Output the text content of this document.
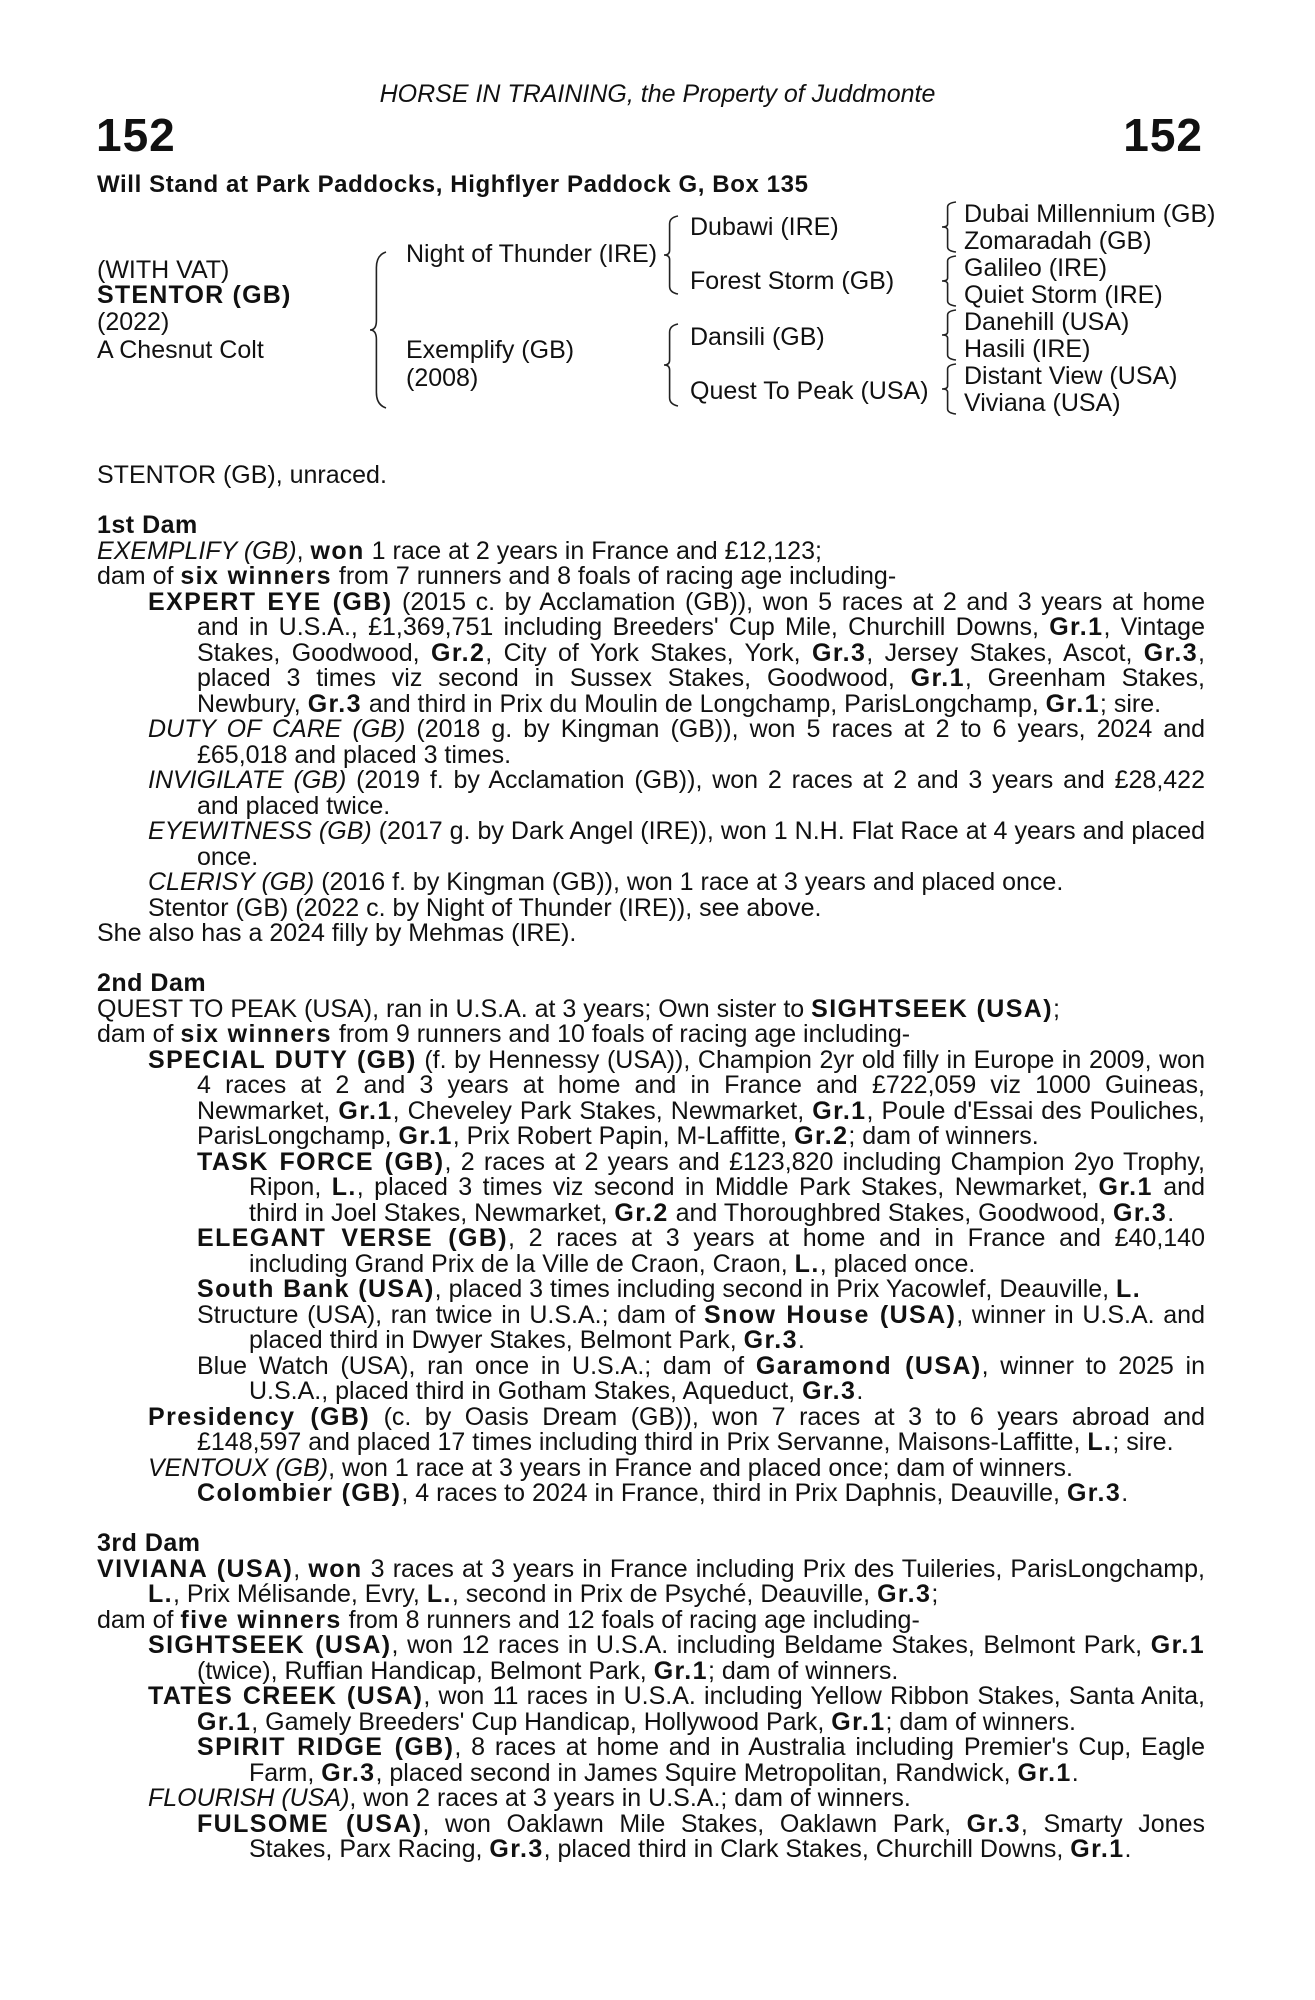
HORSE IN TRAINING, the Property of Juddmonte
152	152
Will Stand at Park Paddocks, Highflyer Paddock G, Box 135
(WITH VAT)
STENTOR (GB)
(2022)
A Chesnut Colt
Night of Thunder (IRE)
Exemplify (GB)
(2008)
Dubawi (IRE)
Forest Storm (GB)
Dansili (GB)
Quest To Peak (USA)
Dubai Millennium (GB)
Zomaradah (GB)
Galileo (IRE)
Quiet Storm (IRE)
Danehill (USA)
Hasili (IRE)
Distant View (USA)
Viviana (USA)
STENTOR (GB), unraced.
1st Dam
EXEMPLIFY (GB), won 1 race at 2 years in France and £12,123;
dam of six winners from 7 runners and 8 foals of racing age including-
EXPERT EYE (GB) (2015 c. by Acclamation (GB)), won 5 races at 2 and 3 years at home and in U.S.A., £1,369,751 including Breeders' Cup Mile, Churchill Downs, Gr.1, Vintage Stakes, Goodwood, Gr.2, City of York Stakes, York, Gr.3, Jersey Stakes, Ascot, Gr.3, placed 3 times viz second in Sussex Stakes, Goodwood, Gr.1, Greenham Stakes, Newbury, Gr.3 and third in Prix du Moulin de Longchamp, ParisLongchamp, Gr.1; sire.
DUTY OF CARE (GB) (2018 g. by Kingman (GB)), won 5 races at 2 to 6 years, 2024 and £65,018 and placed 3 times.
INVIGILATE (GB) (2019 f. by Acclamation (GB)), won 2 races at 2 and 3 years and £28,422 and placed twice.
EYEWITNESS (GB) (2017 g. by Dark Angel (IRE)), won 1 N.H. Flat Race at 4 years and placed once.
CLERISY (GB) (2016 f. by Kingman (GB)), won 1 race at 3 years and placed once.
Stentor (GB) (2022 c. by Night of Thunder (IRE)), see above.
She also has a 2024 filly by Mehmas (IRE).
2nd Dam
QUEST TO PEAK (USA), ran in U.S.A. at 3 years; Own sister to SIGHTSEEK (USA);
dam of six winners from 9 runners and 10 foals of racing age including-
SPECIAL DUTY (GB) (f. by Hennessy (USA)), Champion 2yr old filly in Europe in 2009, won 4 races at 2 and 3 years at home and in France and £722,059 viz 1000 Guineas, Newmarket, Gr.1, Cheveley Park Stakes, Newmarket, Gr.1, Poule d'Essai des Pouliches, ParisLongchamp, Gr.1, Prix Robert Papin, M-Laffitte, Gr.2; dam of winners.
TASK FORCE (GB), 2 races at 2 years and £123,820 including Champion 2yo Trophy, Ripon, L., placed 3 times viz second in Middle Park Stakes, Newmarket, Gr.1 and third in Joel Stakes, Newmarket, Gr.2 and Thoroughbred Stakes, Goodwood, Gr.3.
ELEGANT VERSE (GB), 2 races at 3 years at home and in France and £40,140 including Grand Prix de la Ville de Craon, Craon, L., placed once.
South Bank (USA), placed 3 times including second in Prix Yacowlef, Deauville, L.
Structure (USA), ran twice in U.S.A.; dam of Snow House (USA), winner in U.S.A. and placed third in Dwyer Stakes, Belmont Park, Gr.3.
Blue Watch (USA), ran once in U.S.A.; dam of Garamond (USA), winner to 2025 in U.S.A., placed third in Gotham Stakes, Aqueduct, Gr.3.
Presidency (GB) (c. by Oasis Dream (GB)), won 7 races at 3 to 6 years abroad and £148,597 and placed 17 times including third in Prix Servanne, Maisons-Laffitte, L.; sire.
VENTOUX (GB), won 1 race at 3 years in France and placed once; dam of winners.
Colombier (GB), 4 races to 2024 in France, third in Prix Daphnis, Deauville, Gr.3.
3rd Dam
VIVIANA (USA), won 3 races at 3 years in France including Prix des Tuileries, ParisLongchamp, L., Prix Mélisande, Evry, L., second in Prix de Psyché, Deauville, Gr.3;
dam of five winners from 8 runners and 12 foals of racing age including-
SIGHTSEEK (USA), won 12 races in U.S.A. including Beldame Stakes, Belmont Park, Gr.1 (twice), Ruffian Handicap, Belmont Park, Gr.1; dam of winners.
TATES CREEK (USA), won 11 races in U.S.A. including Yellow Ribbon Stakes, Santa Anita, Gr.1, Gamely Breeders' Cup Handicap, Hollywood Park, Gr.1; dam of winners.
SPIRIT RIDGE (GB), 8 races at home and in Australia including Premier's Cup, Eagle Farm, Gr.3, placed second in James Squire Metropolitan, Randwick, Gr.1.
FLOURISH (USA), won 2 races at 3 years in U.S.A.; dam of winners.
FULSOME (USA), won Oaklawn Mile Stakes, Oaklawn Park, Gr.3, Smarty Jones Stakes, Parx Racing, Gr.3, placed third in Clark Stakes, Churchill Downs, Gr.1.
